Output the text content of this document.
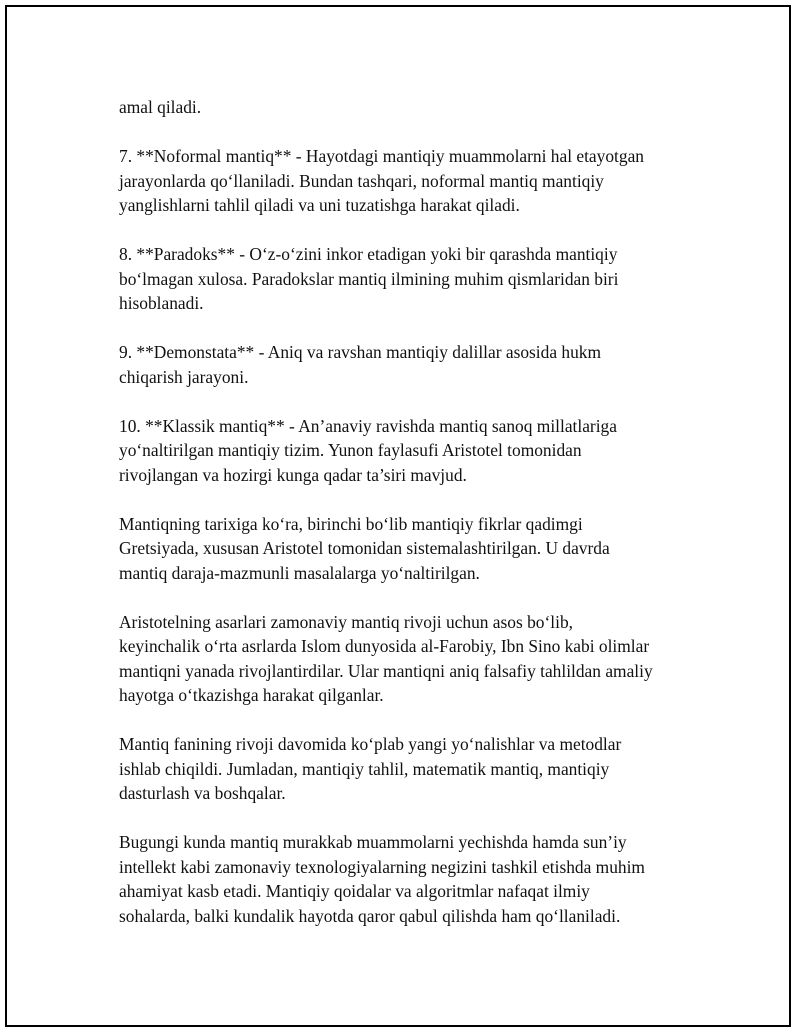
amal qiladi.

7. **Noformal mantiq** - Hayotdagi mantiqiy muammolarni hal etayotgan
jarayonlarda qo‘llaniladi. Bundan tashqari, noformal mantiq mantiqiy
yanglishlarni tahlil qiladi va uni tuzatishga harakat qiladi.

8. **Paradoks** - O‘z-o‘zini inkor etadigan yoki bir qarashda mantiqiy
bo‘lmagan xulosa. Paradokslar mantiq ilmining muhim qismlaridan biri
hisoblanadi.

9. **Demonstata** - Aniq va ravshan mantiqiy dalillar asosida hukm
chiqarish jarayoni.

10. **Klassik mantiq** - An’anaviy ravishda mantiq sanoq millatlariga
yo‘naltirilgan mantiqiy tizim. Yunon faylasufi Aristotel tomonidan
rivojlangan va hozirgi kunga qadar ta’siri mavjud.

Mantiqning tarixiga ko‘ra, birinchi bo‘lib mantiqiy fikrlar qadimgi
Gretsiyada, xususan Aristotel tomonidan sistemalashtirilgan. U davrda
mantiq daraja-mazmunli masalalarga yo‘naltirilgan.

Aristotelning asarlari zamonaviy mantiq rivoji uchun asos bo‘lib,
keyinchalik o‘rta asrlarda Islom dunyosida al-Farobiy, Ibn Sino kabi olimlar
mantiqni yanada rivojlantirdilar. Ular mantiqni aniq falsafiy tahlildan amaliy
hayotga o‘tkazishga harakat qilganlar.

Mantiq fanining rivoji davomida ko‘plab yangi yo‘nalishlar va metodlar
ishlab chiqildi. Jumladan, mantiqiy tahlil, matematik mantiq, mantiqiy
dasturlash va boshqalar.

Bugungi kunda mantiq murakkab muammolarni yechishda hamda sun’iy
intellekt kabi zamonaviy texnologiyalarning negizini tashkil etishda muhim
ahamiyat kasb etadi. Mantiqiy qoidalar va algoritmlar nafaqat ilmiy
sohalarda, balki kundalik hayotda qaror qabul qilishda ham qo‘llaniladi.
